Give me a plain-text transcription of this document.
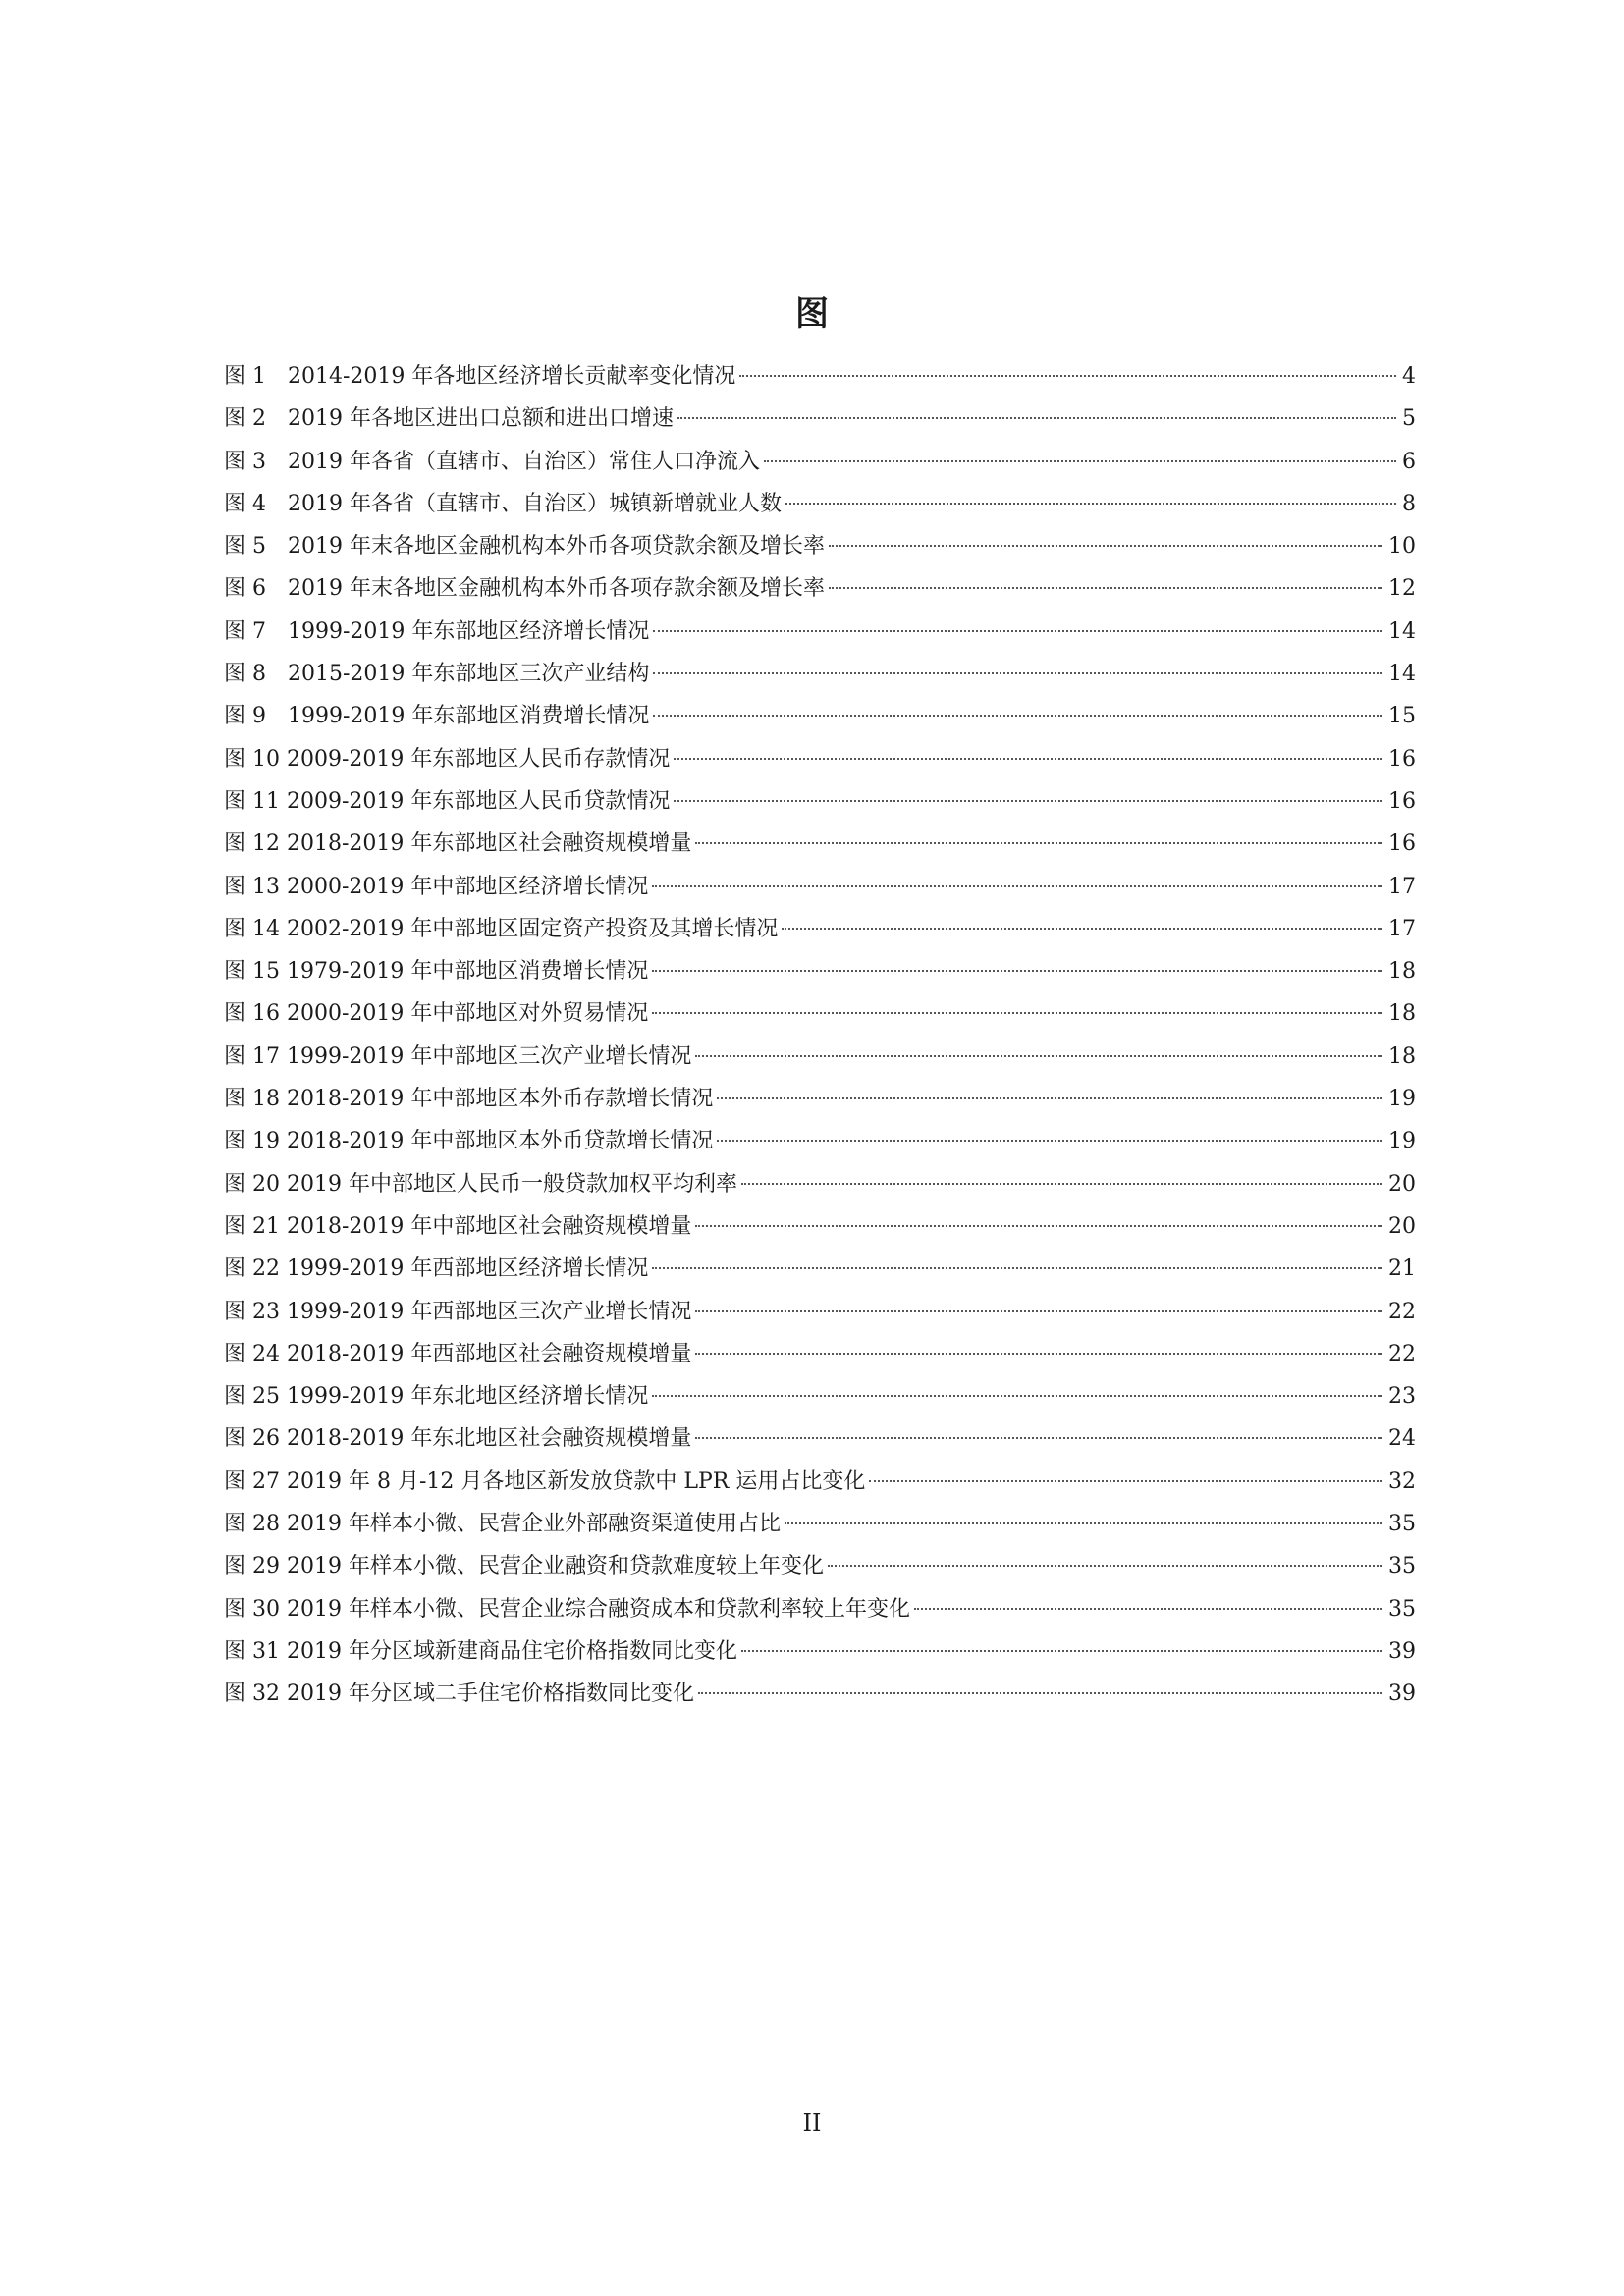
图
图 1　2014-2019 年各地区经济增长贡献率变化情况	4
图 2　2019 年各地区进出口总额和进出口增速	5
图 3　2019 年各省（直辖市、自治区）常住人口净流入	6
图 4　2019 年各省（直辖市、自治区）城镇新增就业人数	8
图 5　2019 年末各地区金融机构本外币各项贷款余额及增长率	10
图 6　2019 年末各地区金融机构本外币各项存款余额及增长率	12
图 7　1999-2019 年东部地区经济增长情况	14
图 8　2015-2019 年东部地区三次产业结构	14
图 9　1999-2019 年东部地区消费增长情况	15
图 10 2009-2019 年东部地区人民币存款情况	16
图 11 2009-2019 年东部地区人民币贷款情况	16
图 12 2018-2019 年东部地区社会融资规模增量	16
图 13 2000-2019 年中部地区经济增长情况	17
图 14 2002-2019 年中部地区固定资产投资及其增长情况	17
图 15 1979-2019 年中部地区消费增长情况	18
图 16 2000-2019 年中部地区对外贸易情况	18
图 17 1999-2019 年中部地区三次产业增长情况	18
图 18 2018-2019 年中部地区本外币存款增长情况	19
图 19 2018-2019 年中部地区本外币贷款增长情况	19
图 20 2019 年中部地区人民币一般贷款加权平均利率	20
图 21 2018-2019 年中部地区社会融资规模增量	20
图 22 1999-2019 年西部地区经济增长情况	21
图 23 1999-2019 年西部地区三次产业增长情况	22
图 24 2018-2019 年西部地区社会融资规模增量	22
图 25 1999-2019 年东北地区经济增长情况	23
图 26 2018-2019 年东北地区社会融资规模增量	24
图 27 2019 年 8 月-12 月各地区新发放贷款中 LPR 运用占比变化	32
图 28 2019 年样本小微、民营企业外部融资渠道使用占比	35
图 29 2019 年样本小微、民营企业融资和贷款难度较上年变化	35
图 30 2019 年样本小微、民营企业综合融资成本和贷款利率较上年变化	35
图 31 2019 年分区域新建商品住宅价格指数同比变化	39
图 32 2019 年分区域二手住宅价格指数同比变化	39
II
